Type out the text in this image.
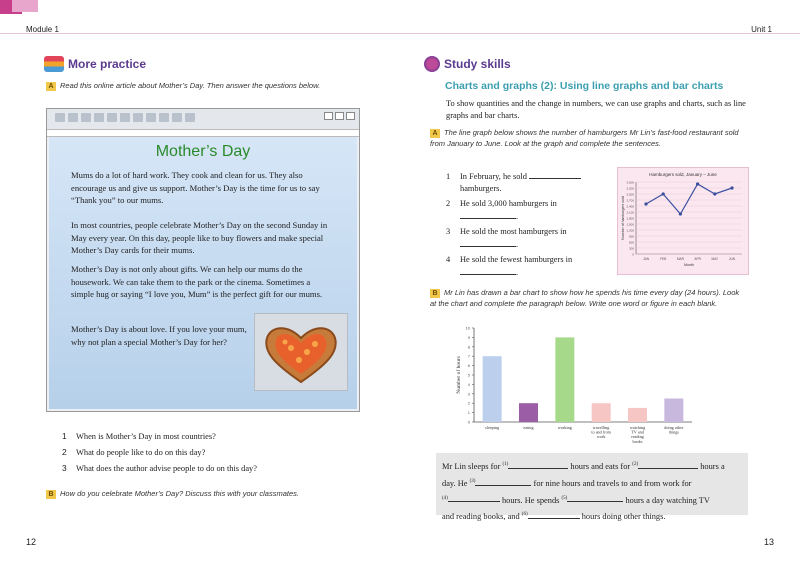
Module 1	Unit 1
More practice
A Read this online article about Mother’s Day. Then answer the questions below.
Mother’s Day
Mums do a lot of hard work. They cook and clean for us. They also encourage us and give us support. Mother’s Day is the time for us to say “Thank you” to our mums.
In most countries, people celebrate Mother’s Day on the second Sunday in May every year. On this day, people like to buy flowers and make special Mother’s Day cards for their mums.
Mother’s Day is not only about gifts. We can help our mums do the housework. We can take them to the park or the cinema. Sometimes a simple hug or saying “I love you, Mum” is the perfect gift for our mums.
Mother’s Day is about love. If you love your mum, why not plan a special Mother’s Day for her?
1 When is Mother’s Day in most countries?
2 What do people like to do on this day?
3 What does the author advise people to do on this day?
B How do you celebrate Mother’s Day? Discuss this with your classmates.
12
Study skills
Charts and graphs (2): Using line graphs and bar charts
To show quantities and the change in numbers, we can use graphs and charts, such as line graphs and bar charts.
A The line graph below shows the number of hamburgers Mr Lin’s fast-food restaurant sold from January to June. Look at the graph and complete the sentences.
1 In February, he sold
hamburgers.
2 He sold 3,000 hamburgers in
.
3 He sold the most hamburgers in
.
4 He sold the fewest hamburgers in
.
Hamburgers sold, January – June
0
300
600
900
1,200
1,500
1,800
2,100
2,400
2,700
3,000
3,300
3,600
JAN	FEB	MAR	APR	MAY	JUN
Month
Number of hamburgers sold
B Mr Lin has drawn a bar chart to show how he spends his time every day (24 hours). Look at the chart and complete the paragraph below. Write one word or figure in each blank.
0
1
2
3
4
5
6
7
8
9
10
Number of hours
sleeping	eating	working	travelling to and from work
watching TV and reading books
doing other things
Mr Lin sleeps for $^{(1)}$	hours and eats for $^{(2)}$	hours a
day. He $^{(3)}$	for nine hours and travels to and from work for
$^{(4)}$	hours. He spends $^{(5)}$	hours a day watching TV
and reading books, and $^{(6)}$	hours doing other things.
13
